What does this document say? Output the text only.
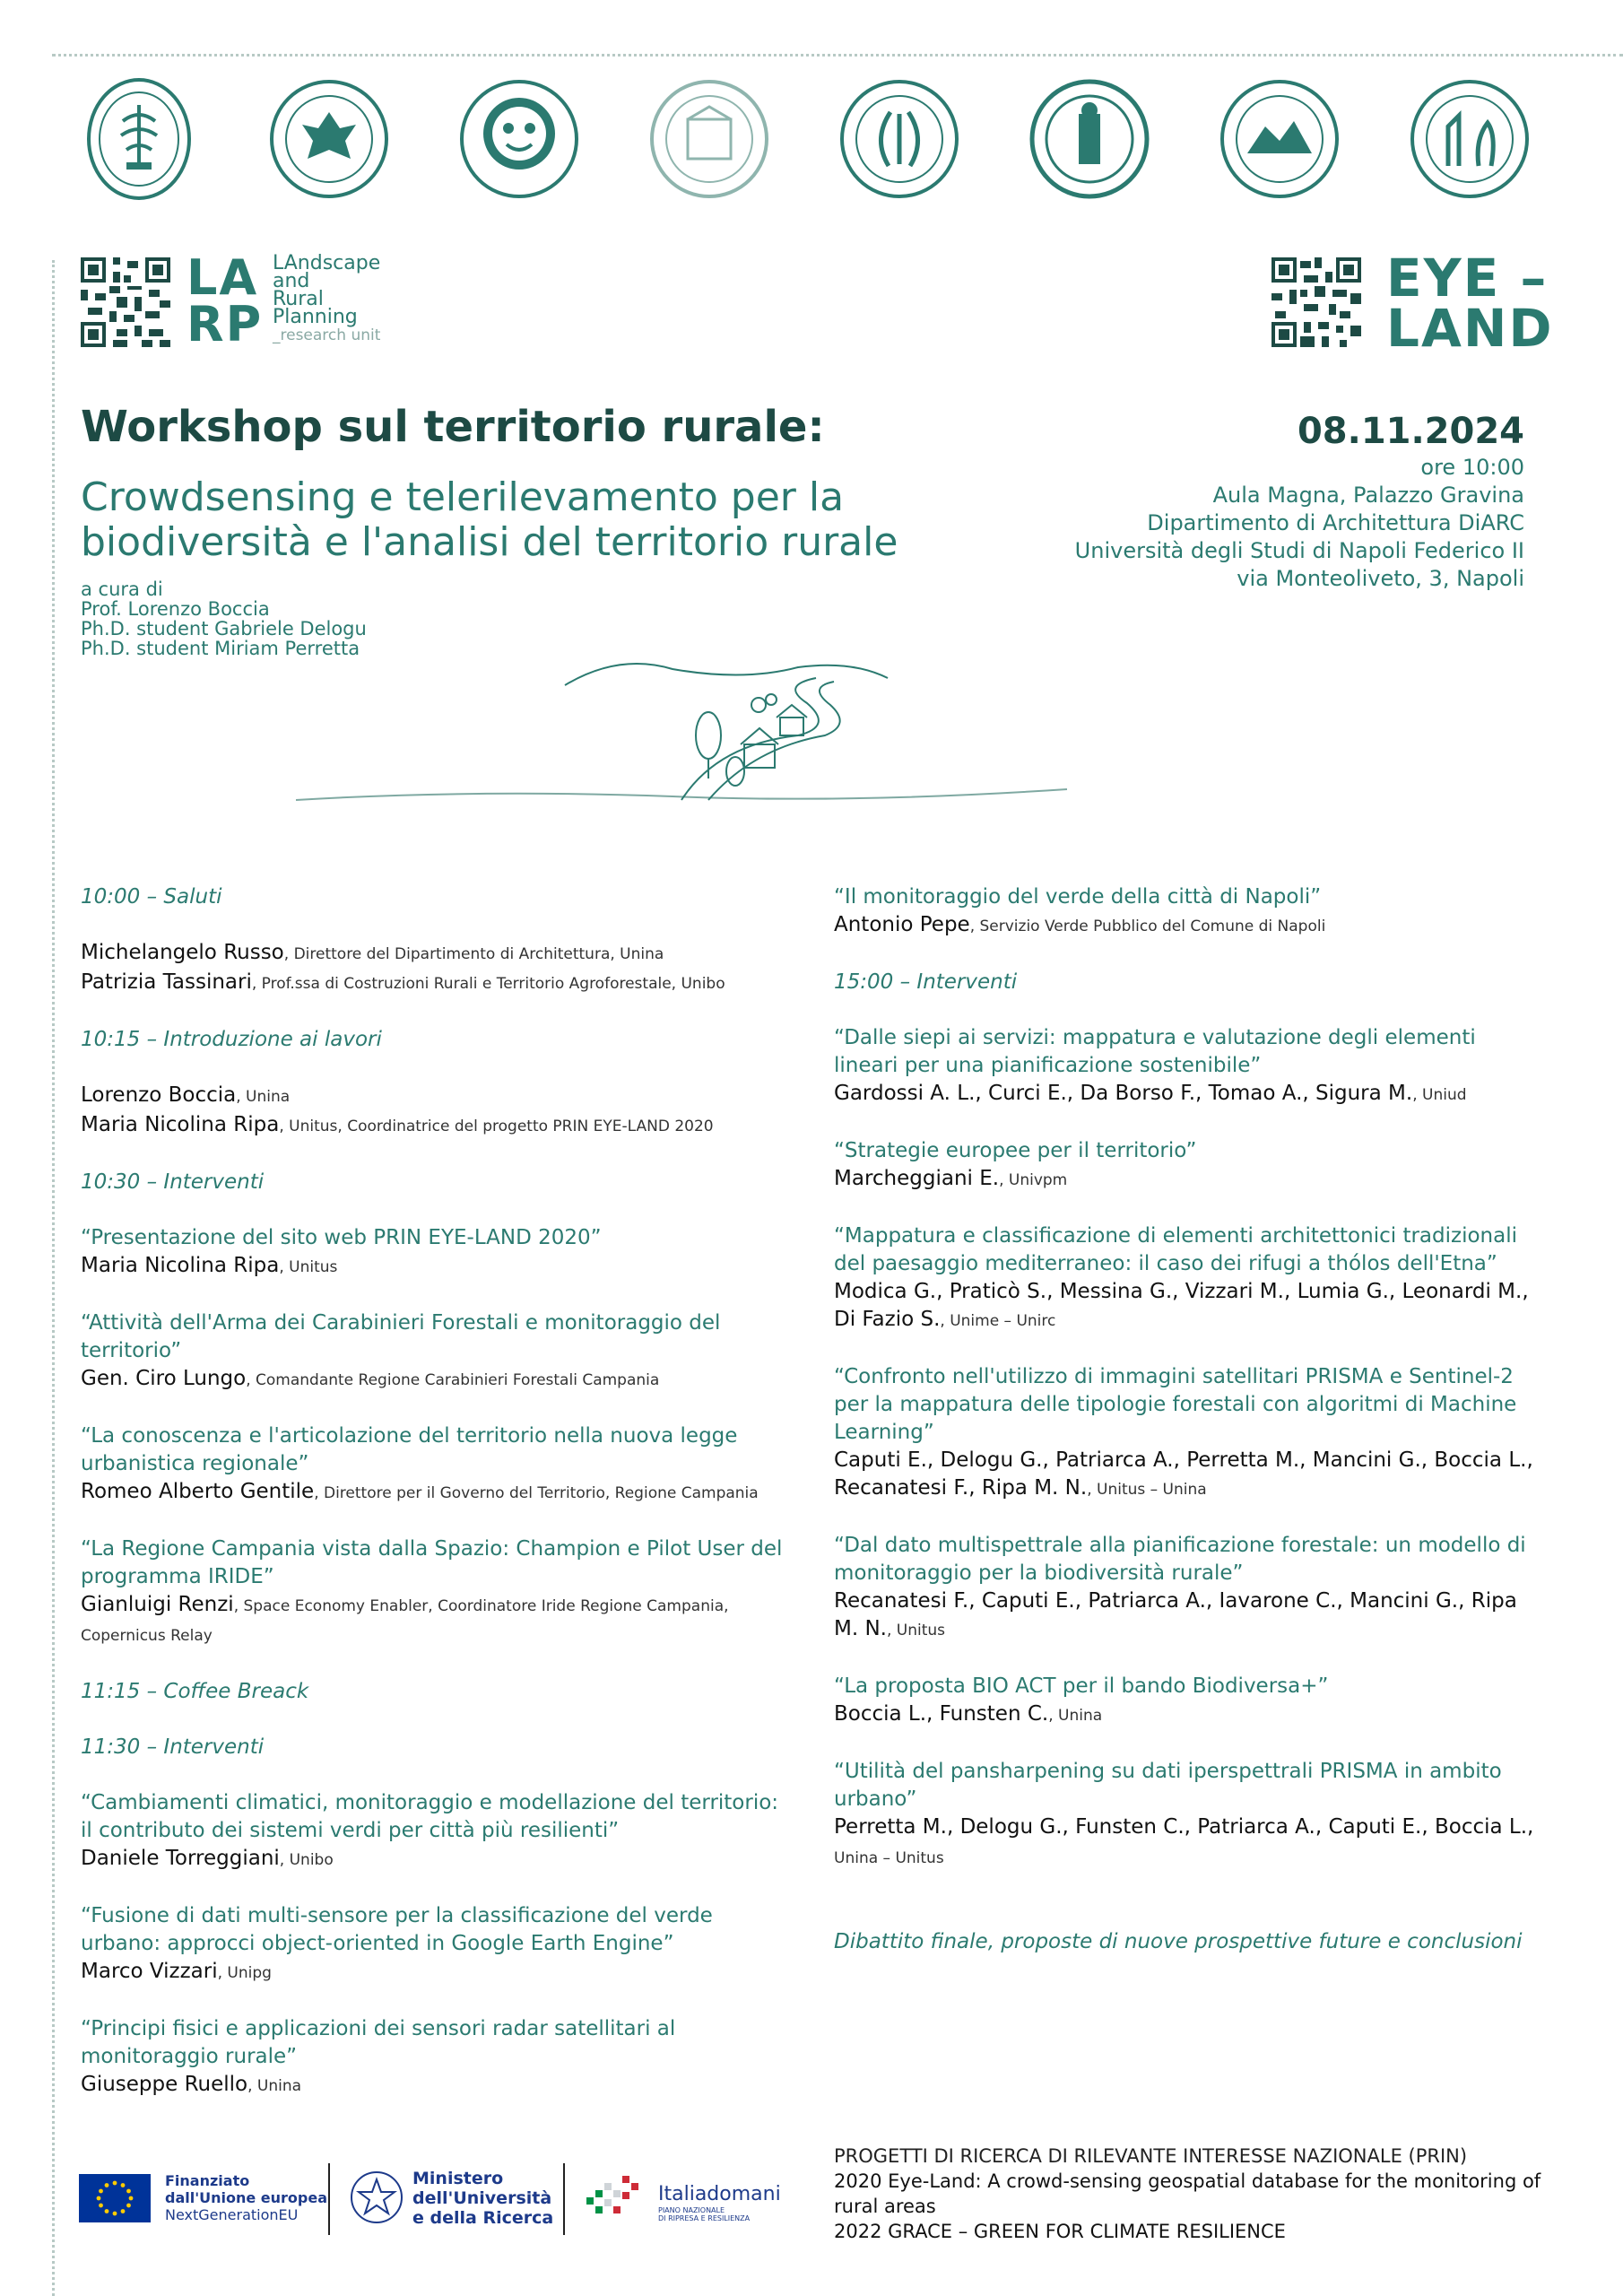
LA
RP
LAndscape
and
Rural
Planning
_research unit
EYE –
LAND
Workshop sul territorio rurale:
Crowdsensing e telerilevamento per la biodiversità e l'analisi del territorio rurale
a cura di
Prof. Lorenzo Boccia
Ph.D. student Gabriele Delogu
Ph.D. student Miriam Perretta
08.11.2024
ore 10:00
Aula Magna, Palazzo Gravina
Dipartimento di Architettura DiARC
Università degli Studi di Napoli Federico II
via Monteoliveto, 3, Napoli
10:00 – Saluti

Michelangelo Russo, Direttore del Dipartimento di Architettura, Unina

Patrizia Tassinari, Prof.ssa di Costruzioni Rurali e Territorio Agroforestale, Unibo

10:15 – Introduzione ai lavori

Lorenzo Boccia, Unina

Maria Nicolina Ripa, Unitus, Coordinatrice del progetto PRIN EYE-LAND 2020

10:30 – Interventi

“Presentazione del sito web PRIN EYE-LAND 2020”

Maria Nicolina Ripa, Unitus

“Attività dell'Arma dei Carabinieri Forestali e monitoraggio del territorio”

Gen. Ciro Lungo, Comandante Regione Carabinieri Forestali Campania

“La conoscenza e l'articolazione del territorio nella nuova legge urbanistica regionale”

Romeo Alberto Gentile, Direttore per il Governo del Territorio, Regione Campania

“La Regione Campania vista dalla Spazio: Champion e Pilot User del programma IRIDE”

Gianluigi Renzi, Space Economy Enabler, Coordinatore Iride Regione Campania, Copernicus Relay

11:15 – Coffee Breack
11:30 – Interventi

“Cambiamenti climatici, monitoraggio e modellazione del territorio: il contributo dei sistemi verdi per città più resilienti”

Daniele Torreggiani, Unibo

“Fusione di dati multi-sensore per la classificazione del verde urbano: approcci object-oriented in Google Earth Engine”

Marco Vizzari, Unipg

“Principi fisici e applicazioni dei sensori radar satellitari al monitoraggio rurale”

Giuseppe Ruello, Unina

“Il monitoraggio del verde della città di Napoli”

Antonio Pepe, Servizio Verde Pubblico del Comune di Napoli

15:00 – Interventi

“Dalle siepi ai servizi: mappatura e valutazione degli elementi lineari per una pianificazione sostenibile”

Gardossi A. L., Curci E., Da Borso F., Tomao A., Sigura M., Uniud

“Strategie europee per il territorio”

Marcheggiani E., Univpm

“Mappatura e classificazione di elementi architettonici tradizionali del paesaggio mediterraneo: il caso dei rifugi a thólos dell'Etna”

Modica G., Praticò S., Messina G., Vizzari M., Lumia G., Leonardi M., Di Fazio S., Unime – Unirc

“Confronto nell'utilizzo di immagini satellitari PRISMA e Sentinel-2 per la mappatura delle tipologie forestali con algoritmi di Machine Learning”

Caputi E., Delogu G., Patriarca A., Perretta M., Mancini G., Boccia L., Recanatesi F., Ripa M. N., Unitus – Unina

“Dal dato multispettrale alla pianificazione forestale: un modello di monitoraggio per la biodiversità rurale”

Recanatesi F., Caputi E., Patriarca A., Iavarone C., Mancini G., Ripa M. N., Unitus

“La proposta BIO ACT per il bando Biodiversa+”

Boccia L., Funsten C., Unina

“Utilità del pansharpening su dati iperspettrali PRISMA in ambito urbano”

Perretta M., Delogu G., Funsten C., Patriarca A., Caputi E., Boccia L., Unina – Unitus

Dibattito finale, proposte di nuove prospettive future e conclusioni
Finanziato
dall'Unione europea
NextGenerationEU
Ministero
dell'Università
e della Ricerca
Italiadomani
PIANO NAZIONALE
DI RIPRESA E RESILIENZA
PROGETTI DI RICERCA DI RILEVANTE INTERESSE NAZIONALE (PRIN)
2020 Eye-Land: A crowd-sensing geospatial database for the monitoring of rural areas
2022 GRACE – GREEN FOR CLIMATE RESILIENCE
